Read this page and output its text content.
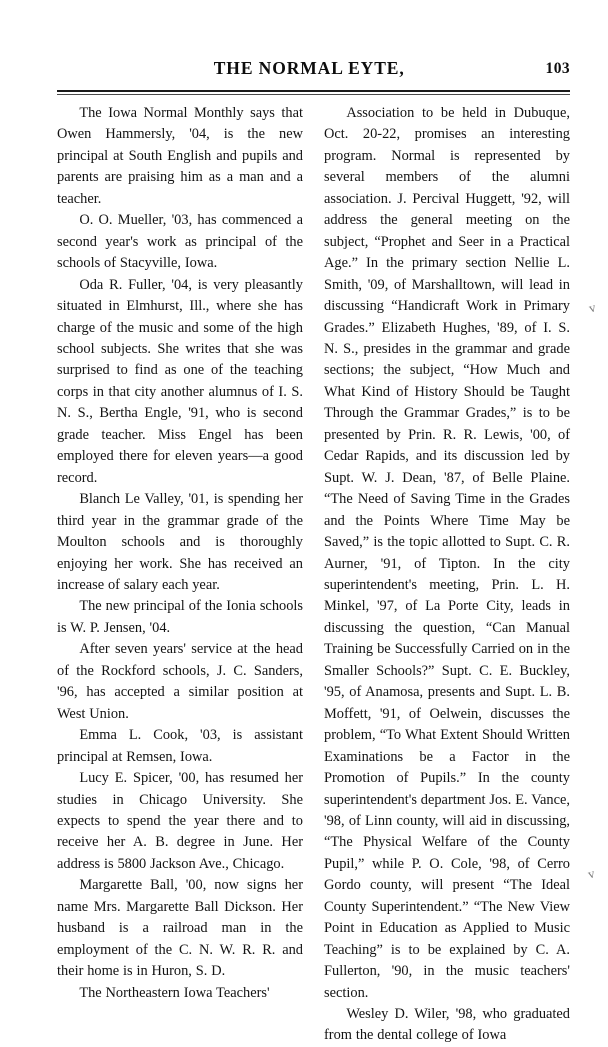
THE NORMAL EYTE,	103

The Iowa Normal Monthly says that Owen Hammersly, '04, is the new principal at South English and pupils and parents are praising him as a man and a teacher.

O. O. Mueller, '03, has commenced a second year's work as principal of the schools of Stacyville, Iowa.

Oda R. Fuller, '04, is very pleasantly situated in Elmhurst, Ill., where she has charge of the music and some of the high school subjects. She writes that she was surprised to find as one of the teaching corps in that city another alumnus of I. S. N. S., Bertha Engle, '91, who is second grade teacher. Miss Engel has been employed there for eleven years—a good record.

Blanch Le Valley, '01, is spending her third year in the grammar grade of the Moulton schools and is thoroughly enjoying her work. She has received an increase of salary each year.

The new principal of the Ionia schools is W. P. Jensen, '04.

After seven years' service at the head of the Rockford schools, J. C. Sanders, '96, has accepted a similar position at West Union.

Emma L. Cook, '03, is assistant principal at Remsen, Iowa.

Lucy E. Spicer, '00, has resumed her studies in Chicago University. She expects to spend the year there and to receive her A. B. degree in June. Her address is 5800 Jackson Ave., Chicago.

Margarette Ball, '00, now signs her name Mrs. Margarette Ball Dickson. Her husband is a railroad man in the employment of the C. N. W. R. R. and their home is in Huron, S. D.

The Northeastern Iowa Teachers'

Association to be held in Dubuque, Oct. 20-22, promises an interesting program. Normal is represented by several members of the alumni association. J. Percival Huggett, '92, will address the general meeting on the subject, “Prophet and Seer in a Practical Age.” In the primary section Nellie L. Smith, '09, of Marshalltown, will lead in discussing “Handicraft Work in Primary Grades.” Elizabeth Hughes, '89, of I. S. N. S., presides in the grammar and grade sections; the subject, “How Much and What Kind of History Should be Taught Through the Grammar Grades,” is to be presented by Prin. R. R. Lewis, '00, of Cedar Rapids, and its discussion led by Supt. W. J. Dean, '87, of Belle Plaine. “The Need of Saving Time in the Grades and the Points Where Time May be Saved,” is the topic allotted to Supt. C. R. Aurner, '91, of Tipton. In the city superintendent's meeting, Prin. L. H. Minkel, '97, of La Porte City, leads in discussing the question, “Can Manual Training be Successfully Carried on in the Smaller Schools?” Supt. C. E. Buckley, '95, of Anamosa, presents and Supt. L. B. Moffett, '91, of Oelwein, discusses the problem, “To What Extent Should Written Examinations be a Factor in the Promotion of Pupils.” In the county superintendent's department Jos. E. Vance, '98, of Linn county, will aid in discussing, “The Physical Welfare of the County Pupil,” while P. O. Cole, '98, of Cerro Gordo county, will present “The Ideal County Superintendent.” “The New View Point in Education as Applied to Music Teaching” is to be explained by C. A. Fullerton, '90, in the music teachers' section.

Wesley D. Wiler, '98, who graduated from the dental college of Iowa

v
v
